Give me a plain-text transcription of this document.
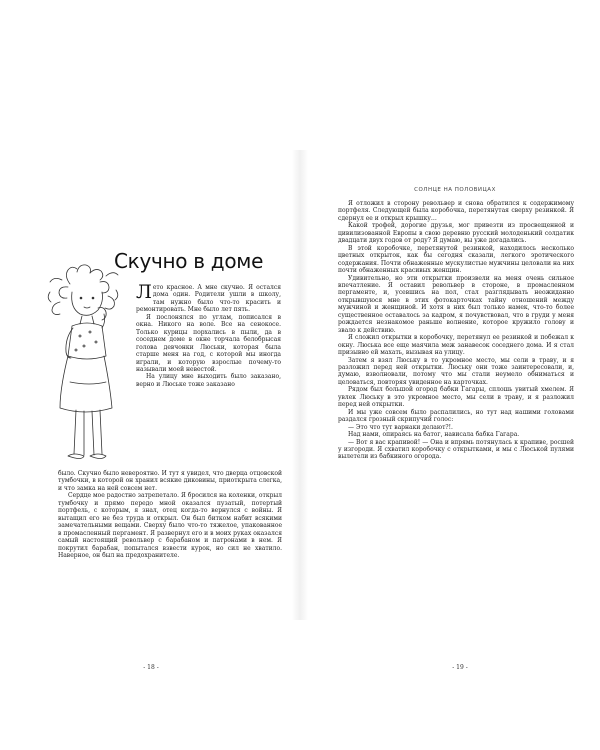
Скучно в доме

Лето красное. А мне скучно. Я остался дома один. Родители ушли в школу, там нужно было что-то красить и ремонтировать. Мне было лет пять.

Я послонялся по углам, пописался в окна. Никого на воле. Все на сенокосе. Только курицы порхались в пыли, да в соседнем доме в окне торчала белобрысая голова девчонки Люськи, которая была старше меня на год, с которой мы иногда играли, и которую взрослые почему-то называли моей невестой.

На улицу мне выходить было заказано, верно и Люське тоже заказано

было. Скучно было невероятно. И тут я увидел, что дверца отцовской тумбочки, в которой он хранил всякие диковины, приоткрыта слегка, и что замка на ней совсем нет.

Сердце мое радостно затрепетало. Я бросился на коленки, открыл тумбочку и прямо передо мной оказался пузатый, потертый портфель, с которым, я знал, отец когда-то вернулся с войны. Я вытащил его не без труда и открыл. Он был битком набит всякими замечательными вещами. Сверху было что-то тяжелое, упакованное в промасленный пергамент. Я развернул его и в моих руках оказался самый настоящий револьвер с барабаном и патронами в нем. Я покрутил барабан, попытался взвести курок, но сил не хватило. Наверное, он был на предохранителе.

- 18 -
СОЛНЦЕ НА ПОЛОВИЦАХ

Я отложил в сторону револьвер и снова обратился к содержимому портфеля. Следующей была коробочка, перетянутая сверху резинкой. Я сдернул ее и открыл крышку…

Какой трофей, дорогие друзья, мог привезти из просвещенной и цивилизованной Европы в свою деревню русский молоденький солдатик двадцати двух годов от роду? Я думаю, вы уже догадались.

В этой коробочке, перетянутой резинкой, находилось несколько цветных открыток, как бы сегодня сказали, легкого эротического содержания. Почти обнаженные мускулистые мужчины целовали на них почти обнаженных красивых женщин.

Удивительно, но эти открытки произвели на меня очень сильное впечатление. Я оставил револьвер в стороне, в промасленном пергаменте, и, усевшись на пол, стал разглядывать неожиданно открывшуюся мне в этих фотокарточках тайну отношений между мужчиной и женщиной. И хотя в них был только намек, что-то более существенное оставалось за кадром, я почувствовал, что в груди у меня рождается незнакомое раньше волнение, которое кружило голову и звало к действию.

Я сложил открытки в коробочку, перетянул ее резинкой и побежал к окну. Люська все еще маячила меж занавесок соседнего дома. И я стал призывно ей махать, вызывая на улицу.

Затем я взял Люську в то укромное место, мы сели в траву, и я разложил перед ней открытки. Люську они тоже заинтересовали, и, думаю, взволновали, потому что мы стали неумело обниматься и целоваться, повторяя увиденное на карточках.

Рядом был большой огород бабки Гагары, сплошь увитый хмелем. Я увлек Люську в это укромное место, мы сели в траву, и я разложил перед ней открытки.

И мы уже совсем было распалились, но тут над нашими головами раздался грозный скрипучий голос:

— Это что тут варнаки делают?!.

Над нами, опираясь на батог, нависала бабка Гагара.

— Вот я вас крапивой! — Она и впрямь потянулась к крапиве, росшей у изгороди. Я схватил коробочку с открытками, и мы с Люськой пулями вылетели из бабкиного огорода.

- 19 -
